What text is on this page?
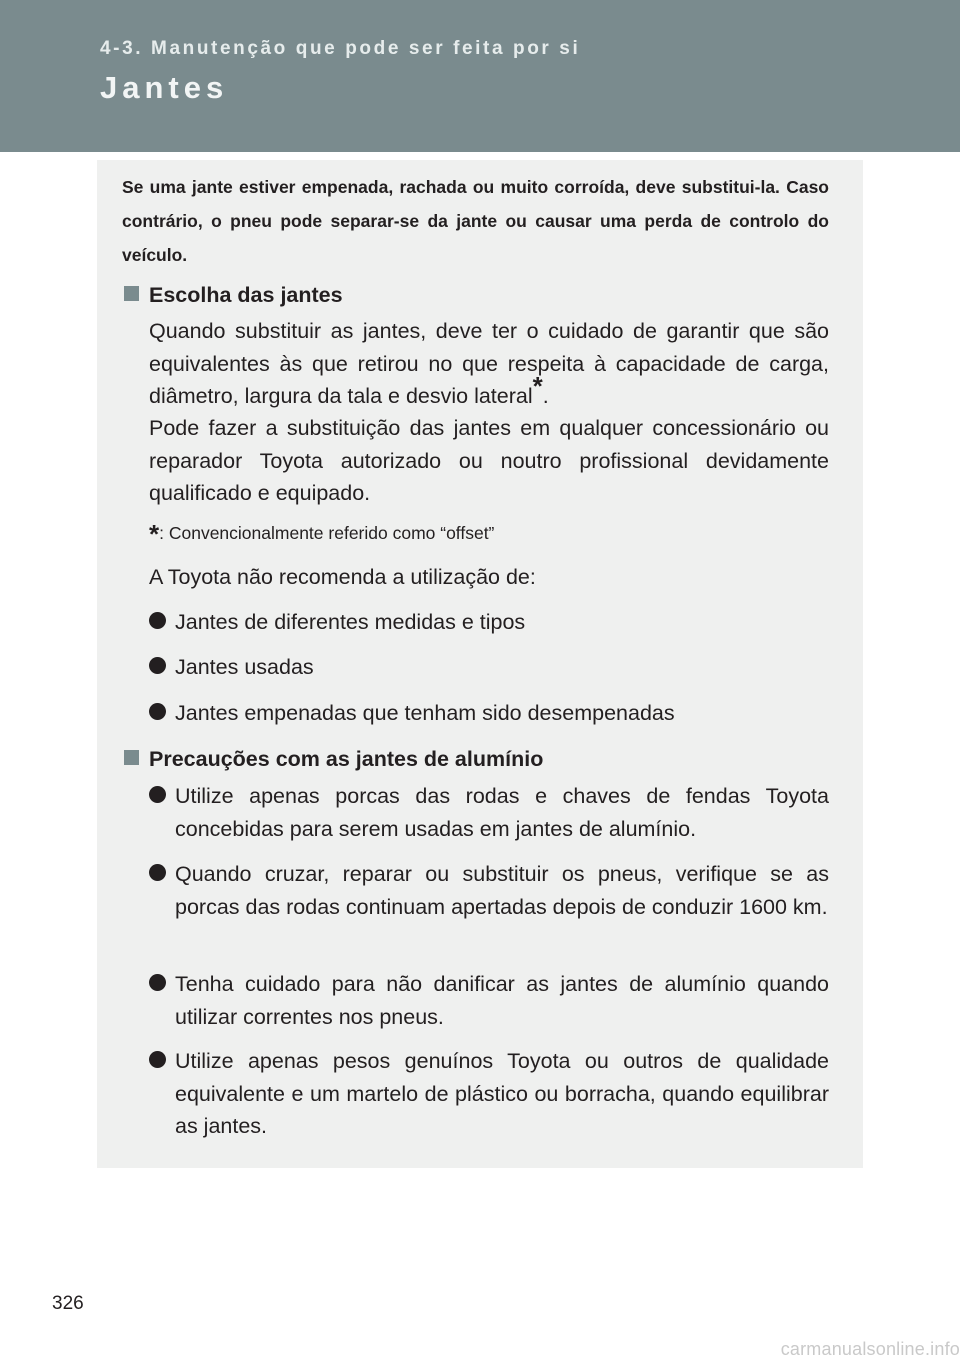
4-3. Manutenção que pode ser feita por si
Jantes
Se uma jante estiver empenada, rachada ou muito corroída, deve substitui-la. Caso contrário, o pneu pode separar-se da jante ou causar uma perda de controlo do veículo.
Escolha das jantes
Quando substituir as jantes, deve ter o cuidado de garantir que são equivalentes às que retirou no que respeita à capacidade de carga, diâmetro, largura da tala e desvio lateral*.
Pode fazer a substituição das jantes em qualquer concessionário ou reparador Toyota autorizado ou noutro profissional devidamente qualificado e equipado.
*: Convencionalmente referido como “offset”
A Toyota não recomenda a utilização de:
Jantes de diferentes medidas e tipos
Jantes usadas
Jantes empenadas que tenham sido desempenadas
Precauções com as jantes de alumínio
Utilize apenas porcas das rodas e chaves de fendas Toyota concebidas para serem usadas em jantes de alumínio.
Quando cruzar, reparar ou substituir os pneus, verifique se as porcas das rodas continuam apertadas depois de conduzir 1600 km.
Tenha cuidado para não danificar as jantes de alumínio quando utilizar correntes nos pneus.
Utilize apenas pesos genuínos Toyota ou outros de qualidade equivalente e um martelo de plástico ou borracha, quando equilibrar as jantes.
326
carmanualsonline.info
